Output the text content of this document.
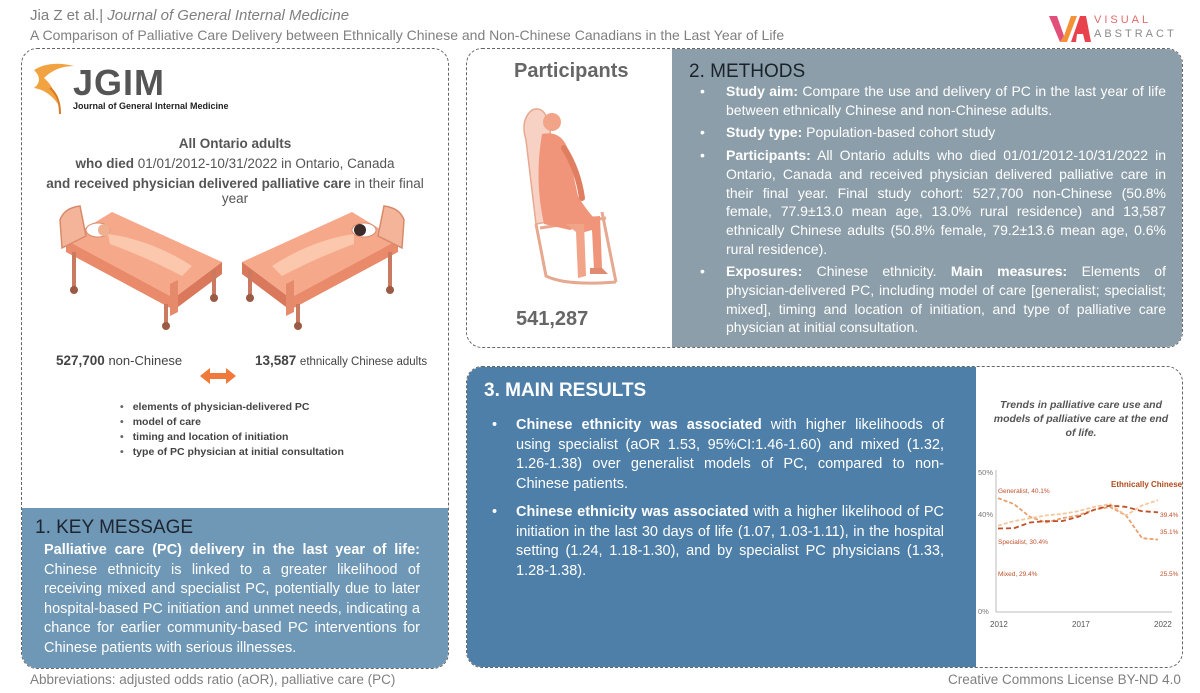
Jia Z et al.| Journal of General Internal Medicine
A Comparison of Palliative Care Delivery between Ethnically Chinese and Non-Chinese Canadians in the Last Year of Life
VISUAL
ABSTRACT
JGIM
Journal of General Internal Medicine
All Ontario adults
who died 01/01/2012-10/31/2022 in Ontario, Canada
and received physician delivered palliative care in their final year
527,700 non-Chinese	13,587 ethnically Chinese adults
• elements of physician-delivered PC
• model of care
• timing and location of initiation
• type of PC physician at initial consultation
1. KEY MESSAGE
Palliative care (PC) delivery in the last year of life: Chinese ethnicity is linked to a greater likelihood of receiving mixed and specialist PC, potentially due to later hospital-based PC initiation and unmet needs, indicating a chance for earlier community-based PC interventions for Chinese patients with serious illnesses.
Participants
541,287
2. METHODS
• Study aim: Compare the use and delivery of PC in the last year of life between ethnically Chinese and non-Chinese adults.
• Study type: Population-based cohort study
• Participants: All Ontario adults who died 01/01/2012-10/31/2022 in Ontario, Canada and received physician delivered palliative care in their final year. Final study cohort: 527,700 non-Chinese (50.8% female, 77.9±13.0 mean age, 13.0% rural residence) and 13,587 ethnically Chinese adults (50.8% female, 79.2±13.6 mean age, 0.6% rural residence).
• Exposures: Chinese ethnicity. Main measures: Elements of physician-delivered PC, including model of care [generalist; specialist; mixed], timing and location of initiation, and type of palliative care physician at initial consultation.
3. MAIN RESULTS
• Chinese ethnicity was associated with higher likelihoods of using specialist (aOR 1.53, 95%CI:1.46-1.60) and mixed (1.32, 1.26-1.38) over generalist models of PC, compared to non-Chinese patients.
• Chinese ethnicity was associated with a higher likelihood of PC initiation in the last 30 days of life (1.07, 1.03-1.11), in the hospital setting (1.24, 1.18-1.30), and by specialist PC physicians (1.33, 1.28-1.38).
Trends in palliative care use and models of palliative care at the end of life.
0%
40%
50%
2012	2017	2022
Ethnically Chinese
Generalist, 40.1%
Specialist, 30.4%
Mixed, 29.4%
39.4%
35.1%
25.5%
Abbreviations: adjusted odds ratio (aOR), palliative care (PC)	Creative Commons License BY-ND 4.0
